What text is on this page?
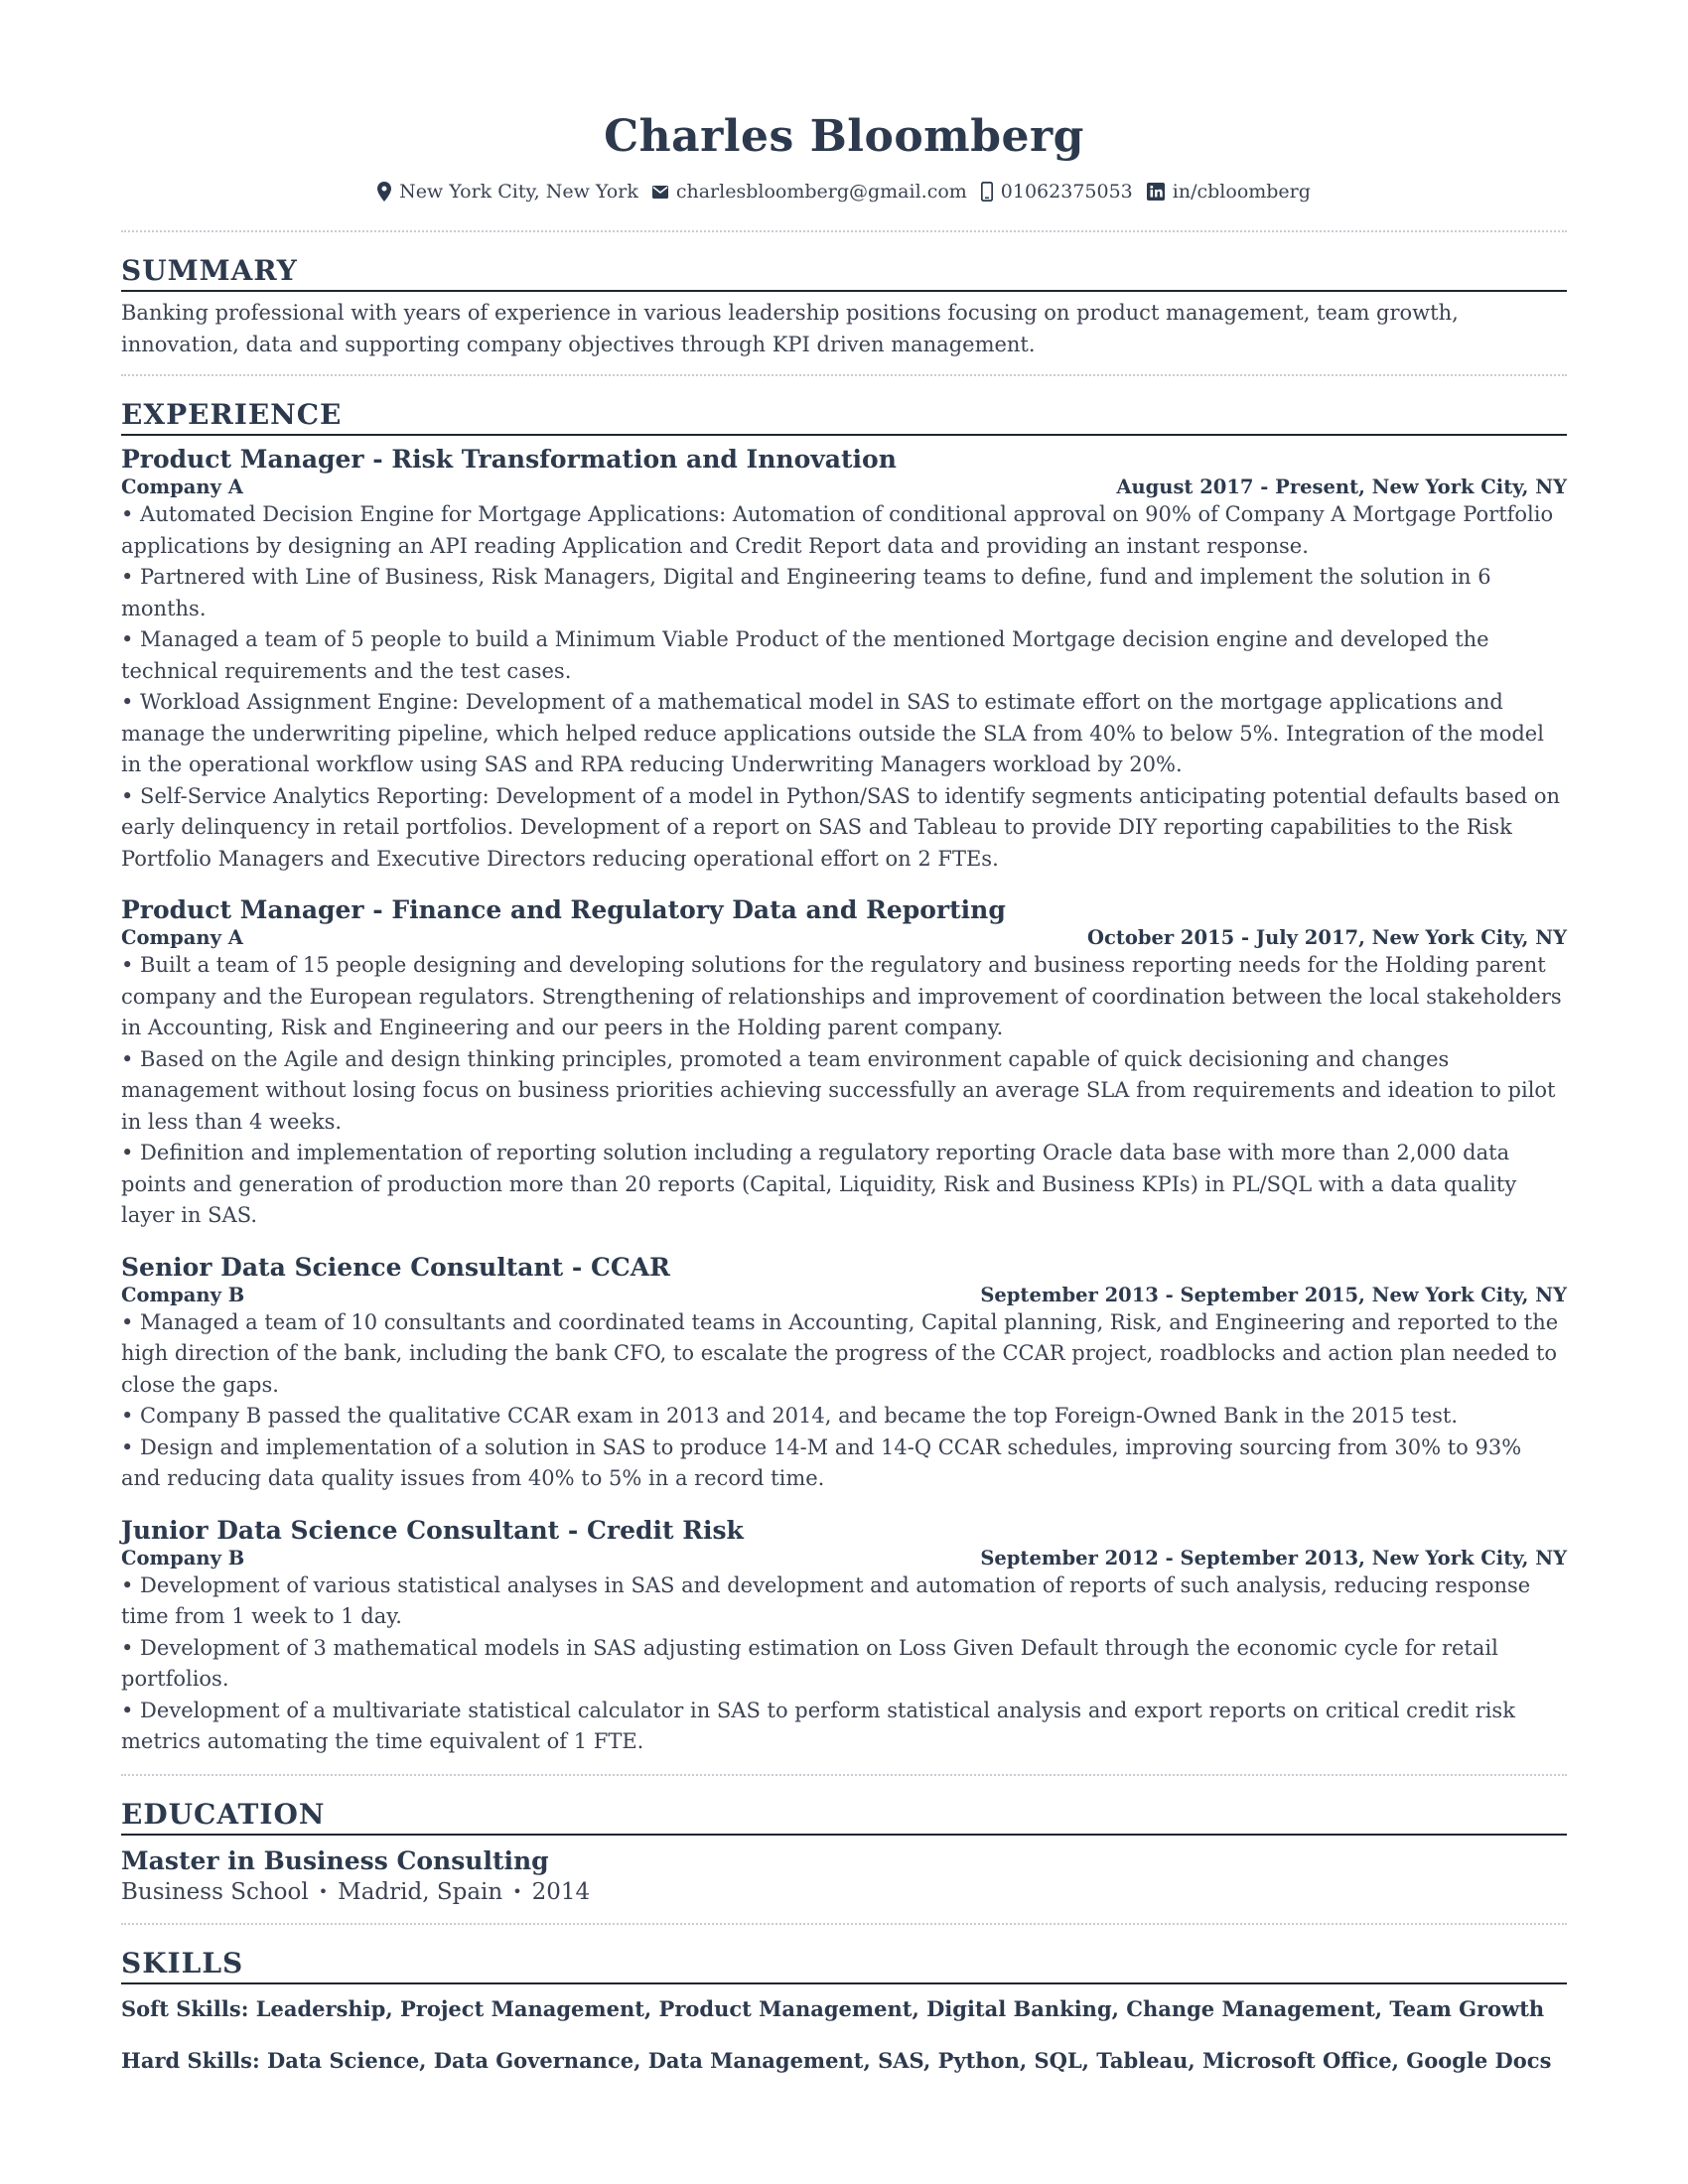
Charles Bloomberg
New York City, New York charlesbloomberg@gmail.com 01062375053 in/cbloomberg
SUMMARY

Banking professional with years of experience in various leadership positions focusing on product management, team growth, innovation, data and supporting company objectives through KPI driven management.

EXPERIENCE
Product Manager - Risk Transformation and Innovation
Company A	August 2017 - Present, New York City, NY
• Automated Decision Engine for Mortgage Applications: Automation of conditional approval on 90% of Company A Mortgage Portfolio applications by designing an API reading Application and Credit Report data and providing an instant response.
• Partnered with Line of Business, Risk Managers, Digital and Engineering teams to define, fund and implement the solution in 6 months.
• Managed a team of 5 people to build a Minimum Viable Product of the mentioned Mortgage decision engine and developed the technical requirements and the test cases.
• Workload Assignment Engine: Development of a mathematical model in SAS to estimate effort on the mortgage applications and manage the underwriting pipeline, which helped reduce applications outside the SLA from 40% to below 5%. Integration of the model in the operational workflow using SAS and RPA reducing Underwriting Managers workload by 20%.
• Self-Service Analytics Reporting: Development of a model in Python/SAS to identify segments anticipating potential defaults based on early delinquency in retail portfolios. Development of a report on SAS and Tableau to provide DIY reporting capabilities to the Risk Portfolio Managers and Executive Directors reducing operational effort on 2 FTEs.
Product Manager - Finance and Regulatory Data and Reporting
Company A	October 2015 - July 2017, New York City, NY
• Built a team of 15 people designing and developing solutions for the regulatory and business reporting needs for the Holding parent company and the European regulators. Strengthening of relationships and improvement of coordination between the local stakeholders in Accounting, Risk and Engineering and our peers in the Holding parent company.
• Based on the Agile and design thinking principles, promoted a team environment capable of quick decisioning and changes management without losing focus on business priorities achieving successfully an average SLA from requirements and ideation to pilot in less than 4 weeks.
• Definition and implementation of reporting solution including a regulatory reporting Oracle data base with more than 2,000 data points and generation of production more than 20 reports (Capital, Liquidity, Risk and Business KPIs) in PL/SQL with a data quality layer in SAS.
Senior Data Science Consultant - CCAR
Company B	September 2013 - September 2015, New York City, NY
• Managed a team of 10 consultants and coordinated teams in Accounting, Capital planning, Risk, and Engineering and reported to the high direction of the bank, including the bank CFO, to escalate the progress of the CCAR project, roadblocks and action plan needed to close the gaps.
• Company B passed the qualitative CCAR exam in 2013 and 2014, and became the top Foreign-Owned Bank in the 2015 test.
• Design and implementation of a solution in SAS to produce 14-M and 14-Q CCAR schedules, improving sourcing from 30% to 93% and reducing data quality issues from 40% to 5% in a record time.
Junior Data Science Consultant - Credit Risk
Company B	September 2012 - September 2013, New York City, NY
• Development of various statistical analyses in SAS and development and automation of reports of such analysis, reducing response time from 1 week to 1 day.
• Development of 3 mathematical models in SAS adjusting estimation on Loss Given Default through the economic cycle for retail portfolios.
• Development of a multivariate statistical calculator in SAS to perform statistical analysis and export reports on critical credit risk metrics automating the time equivalent of 1 FTE.
EDUCATION
Master in Business Consulting
Business School • Madrid, Spain • 2014
SKILLS
Soft Skills: Leadership, Project Management, Product Management, Digital Banking, Change Management, Team Growth
Hard Skills: Data Science, Data Governance, Data Management, SAS, Python, SQL, Tableau, Microsoft Office, Google Docs
